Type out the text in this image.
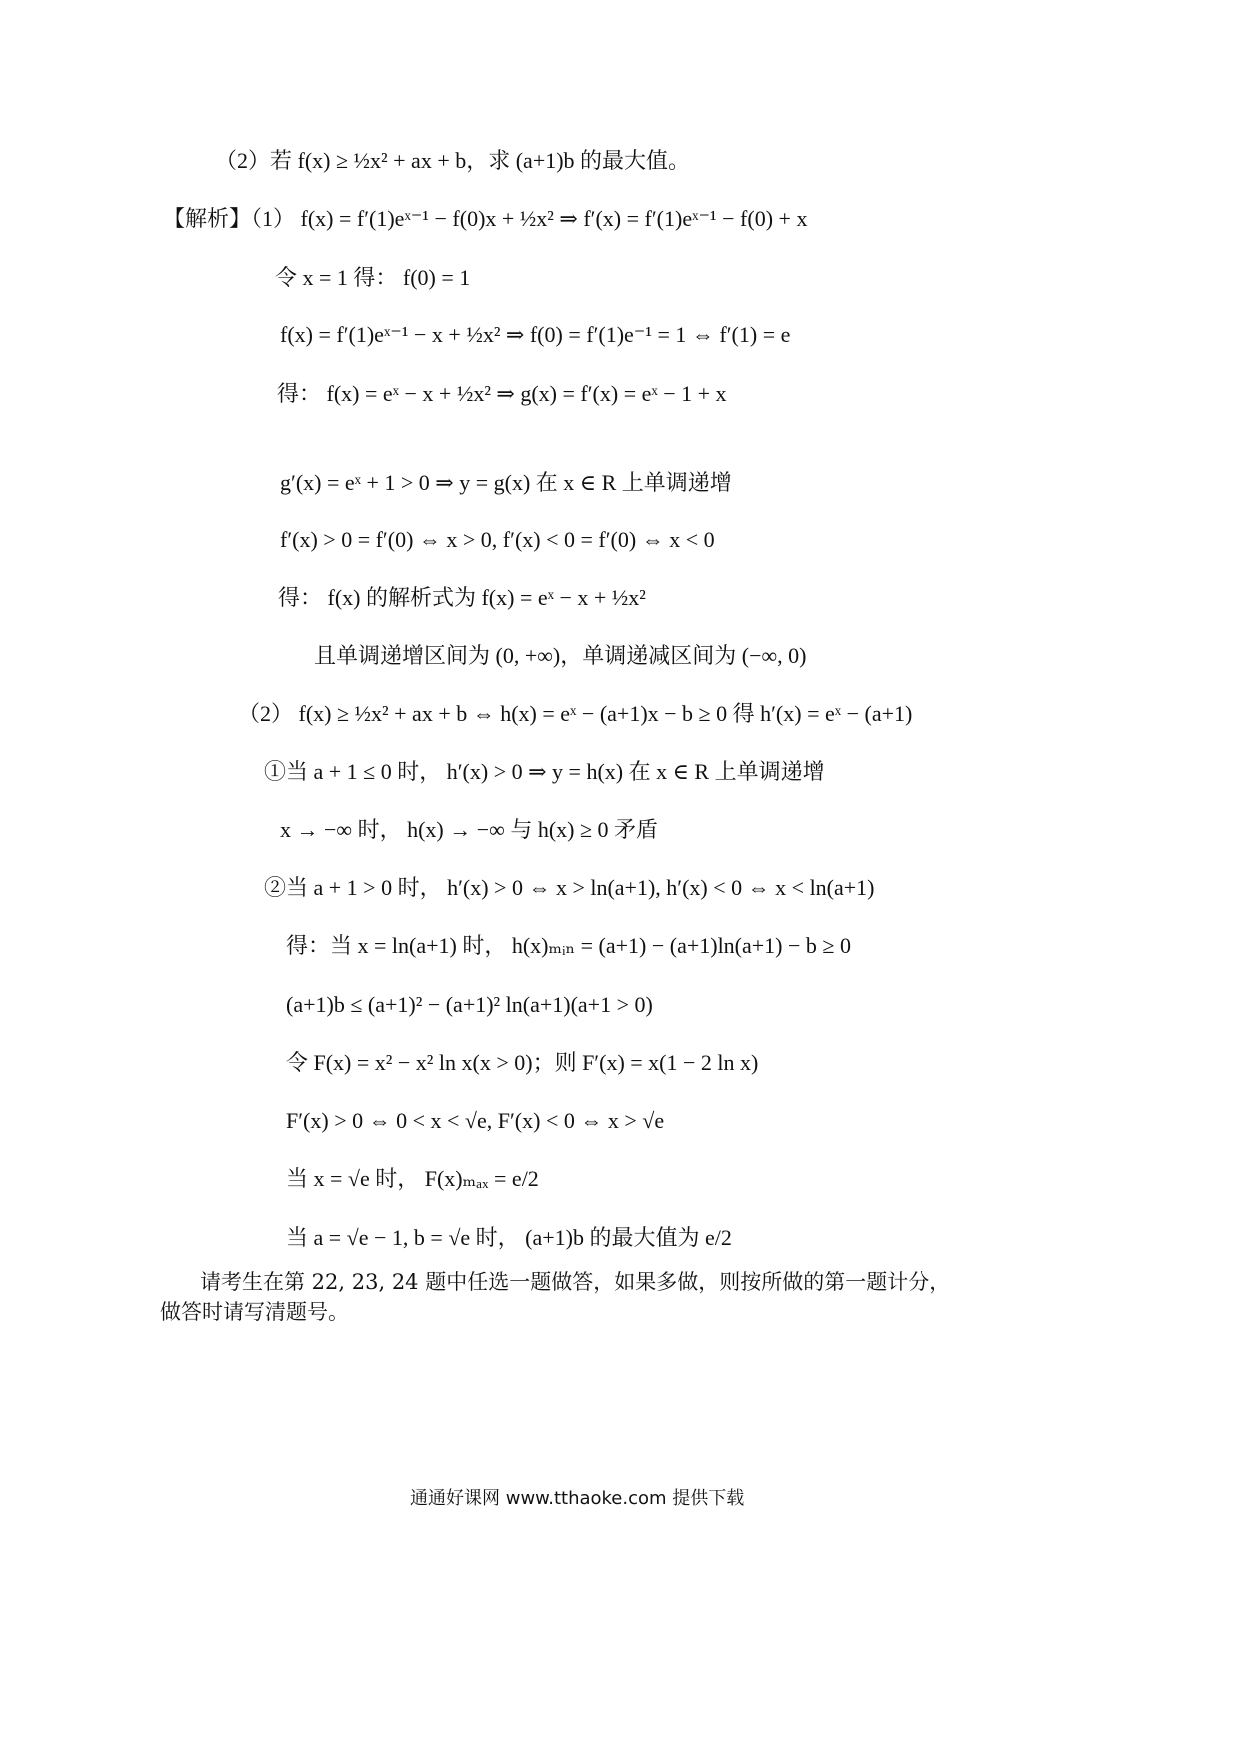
（2）若 f(x) ≥ ½x² + ax + b，求 (a+1)b 的最大值。
【解析】（1） f(x) = f′(1)eˣ⁻¹ − f(0)x + ½x² ⇒ f′(x) = f′(1)eˣ⁻¹ − f(0) + x
令 x = 1 得： f(0) = 1
f(x) = f′(1)eˣ⁻¹ − x + ½x² ⇒ f(0) = f′(1)e⁻¹ = 1 ⇔ f′(1) = e
得： f(x) = eˣ − x + ½x² ⇒ g(x) = f′(x) = eˣ − 1 + x
g′(x) = eˣ + 1 > 0 ⇒ y = g(x) 在 x ∈ R 上单调递增
f′(x) > 0 = f′(0) ⇔ x > 0, f′(x) < 0 = f′(0) ⇔ x < 0
得： f(x) 的解析式为 f(x) = eˣ − x + ½x²
且单调递增区间为 (0, +∞)，单调递减区间为 (−∞, 0)
（2） f(x) ≥ ½x² + ax + b ⇔ h(x) = eˣ − (a+1)x − b ≥ 0 得 h′(x) = eˣ − (a+1)
①当 a + 1 ≤ 0 时， h′(x) > 0 ⇒ y = h(x) 在 x ∈ R 上单调递增
x → −∞ 时， h(x) → −∞ 与 h(x) ≥ 0 矛盾
②当 a + 1 > 0 时， h′(x) > 0 ⇔ x > ln(a+1), h′(x) < 0 ⇔ x < ln(a+1)
得：当 x = ln(a+1) 时， h(x)ₘᵢₙ = (a+1) − (a+1)ln(a+1) − b ≥ 0
(a+1)b ≤ (a+1)² − (a+1)² ln(a+1)(a+1 > 0)
令 F(x) = x² − x² ln x(x > 0)；则 F′(x) = x(1 − 2 ln x)
F′(x) > 0 ⇔ 0 < x < √e, F′(x) < 0 ⇔ x > √e
当 x = √e 时， F(x)ₘₐₓ = e/2
当 a = √e − 1, b = √e 时， (a+1)b 的最大值为 e/2
请考生在第 22, 23, 24 题中任选一题做答，如果多做，则按所做的第一题计分，
做答时请写清题号。
通通好课网 www.tthaoke.com 提供下载
